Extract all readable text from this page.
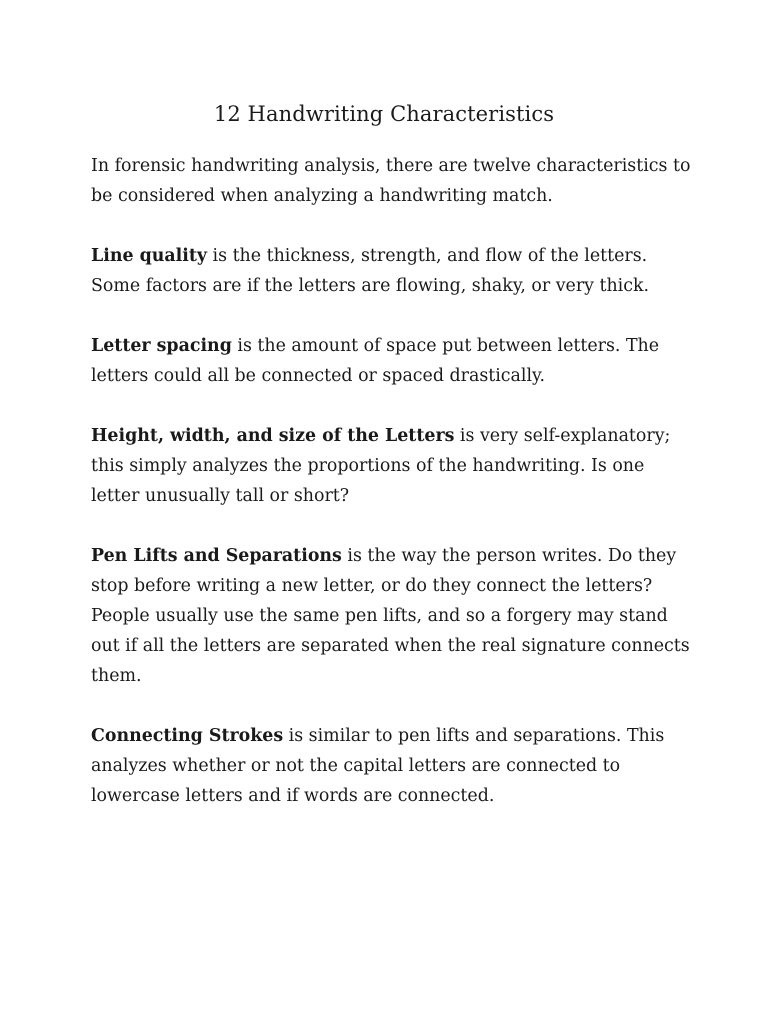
12 Handwriting Characteristics

In forensic handwriting analysis, there are twelve characteristics to be considered when analyzing a handwriting match.

Line quality is the thickness, strength, and flow of the letters. Some factors are if the letters are flowing, shaky, or very thick.

Letter spacing is the amount of space put between letters. The letters could all be connected or spaced drastically.

Height, width, and size of the Letters is very self-explanatory; this simply analyzes the proportions of the handwriting. Is one letter unusually tall or short?

Pen Lifts and Separations is the way the person writes. Do they stop before writing a new letter, or do they connect the letters? People usually use the same pen lifts, and so a forgery may stand out if all the letters are separated when the real signature connects them.

Connecting Strokes is similar to pen lifts and separations. This analyzes whether or not the capital letters are connected to lowercase letters and if words are connected.
